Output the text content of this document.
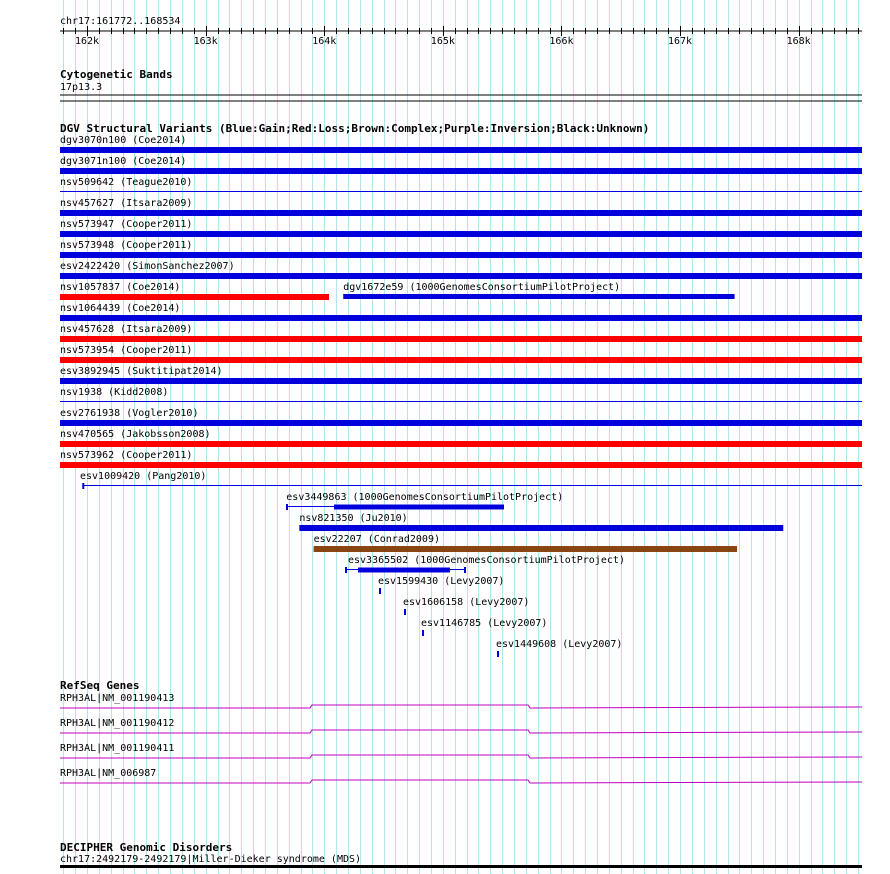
chr17:161772..168534
162k	163k	164k	165k	166k	167k	168k
Cytogenetic Bands
17p13.3
DGV Structural Variants (Blue:Gain;Red:Loss;Brown:Complex;Purple:Inversion;Black:Unknown)
dgv3070n100 (Coe2014)
dgv3071n100 (Coe2014)
nsv509642 (Teague2010)
nsv457627 (Itsara2009)
nsv573947 (Cooper2011)
nsv573948 (Cooper2011)
esv2422420 (SimonSanchez2007)
nsv1057837 (Coe2014)	dgv1672e59 (1000GenomesConsortiumPilotProject)
nsv1064439 (Coe2014)
nsv457628 (Itsara2009)
nsv573954 (Cooper2011)
esv3892945 (Suktitipat2014)
nsv1938 (Kidd2008)
esv2761938 (Vogler2010)
nsv470565 (Jakobsson2008)
nsv573962 (Cooper2011)
esv1009420 (Pang2010)
esv3449863 (1000GenomesConsortiumPilotProject)
nsv821350 (Ju2010)
esv22207 (Conrad2009)
esv3365502 (1000GenomesConsortiumPilotProject)
esv1599430 (Levy2007)
esv1606158 (Levy2007)
esv1146785 (Levy2007)
esv1449608 (Levy2007)
RefSeq Genes
RPH3AL|NM_001190413
RPH3AL|NM_001190412
RPH3AL|NM_001190411
RPH3AL|NM_006987
DECIPHER Genomic Disorders
chr17:2492179-2492179|Miller-Dieker syndrome (MDS)
